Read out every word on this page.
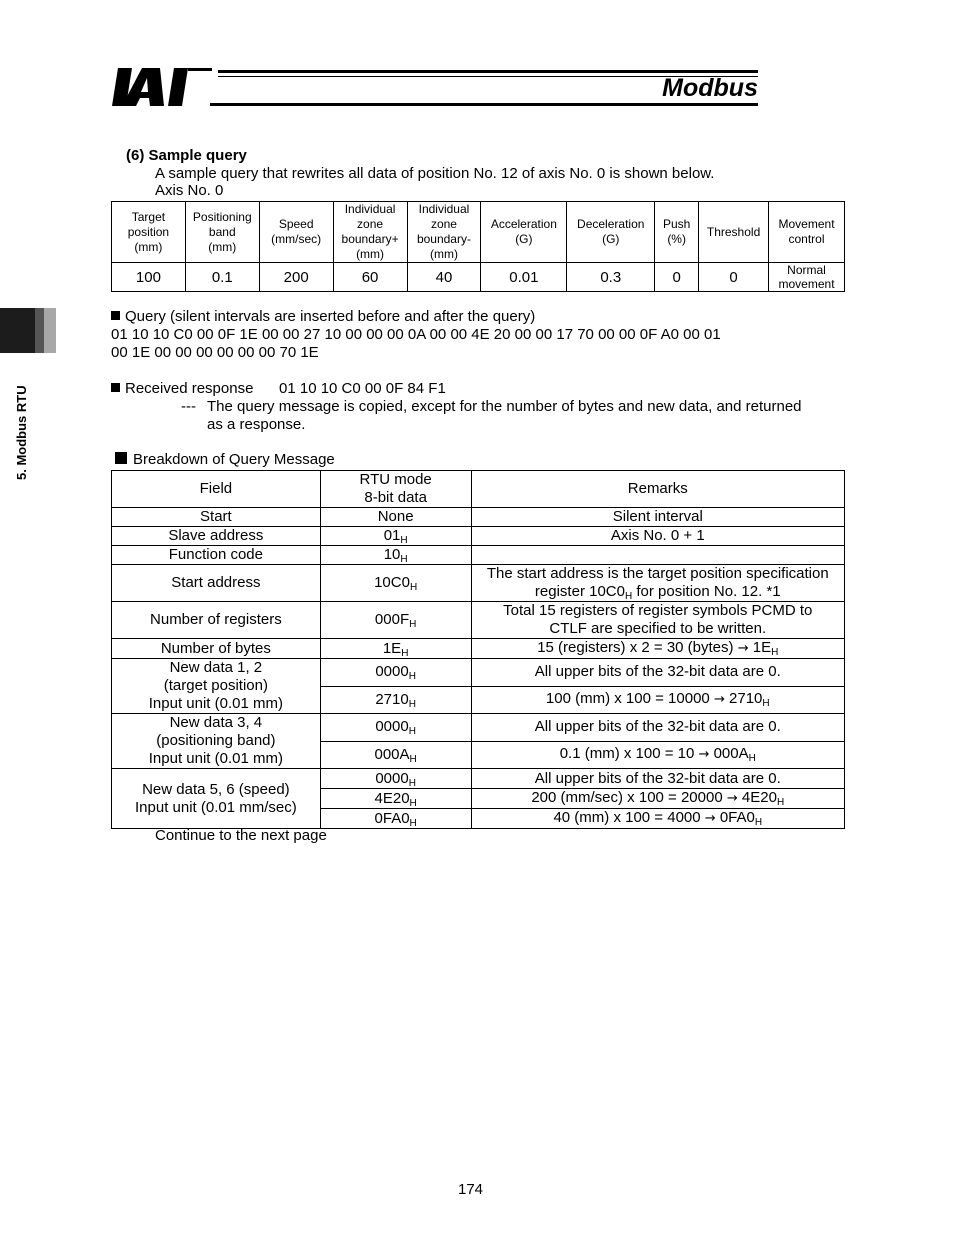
Modbus
5. Modbus RTU
(6) Sample query
A sample query that rewrites all data of position No. 12 of axis No. 0 is shown below.
Axis No. 0
Target
position
(mm)	Positioning
band
(mm)	Speed
(mm/sec)	Individual
zone
boundary+
(mm)	Individual
zone
boundary-
(mm)	Acceleration
(G)	Deceleration
(G)	Push
(%)	Threshold	Movement
control
100	0.1	200	60	40	0.01	0.3	0	0	Normal
movement
Query (silent intervals are inserted before and after the query)
01 10 10 C0 00 0F 1E 00 00 27 10 00 00 00 0A 00 00 4E 20 00 00 17 70 00 00 0F A0 00 01
00 1E 00 00 00 00 00 00 70 1E
Received response 01 10 10 C0 00 0F 84 F1
--- The query message is copied, except for the number of bytes and new data, and returned
as a response.
Breakdown of Query Message
Field	RTU mode
8-bit data	Remarks
Start	None	Silent interval
Slave address	$01_H$	Axis No. 0 + 1
Function code	$10_H$	
Start address	$10C0_H$	The start address is the target position specification
register $10C0_H$ for position No. 12. *1
Number of registers	$000F_H$	Total 15 registers of register symbols PCMD to
CTLF are specified to be written.
Number of bytes	$1E_H$	15 (registers) x 2 = 30 (bytes) → $1E_H$
New data 1, 2
(target position)
Input unit (0.01 mm)	$0000_H$	All upper bits of the 32-bit data are 0.
	$2710_H$	100 (mm) x $100 = 10000 \to 2710_H$
New data 3, 4
(positioning band)
Input unit (0.01 mm)	$0000_H$	All upper bits of the 32-bit data are 0.
	$000A_H$	0.1 (mm) x $100 = 10 \to 000A_H$
New data 5, 6 (speed)
Input unit (0.01 mm/sec)	$0000_H$	All upper bits of the 32-bit data are 0.
	$4E20_H$	200 (mm/sec) x $100 = 20000 \to 4E20_H$
	$0FA0_H$	40 (mm) x $100 = 4000 \to 0FA0_H$
Continue to the next page
174
